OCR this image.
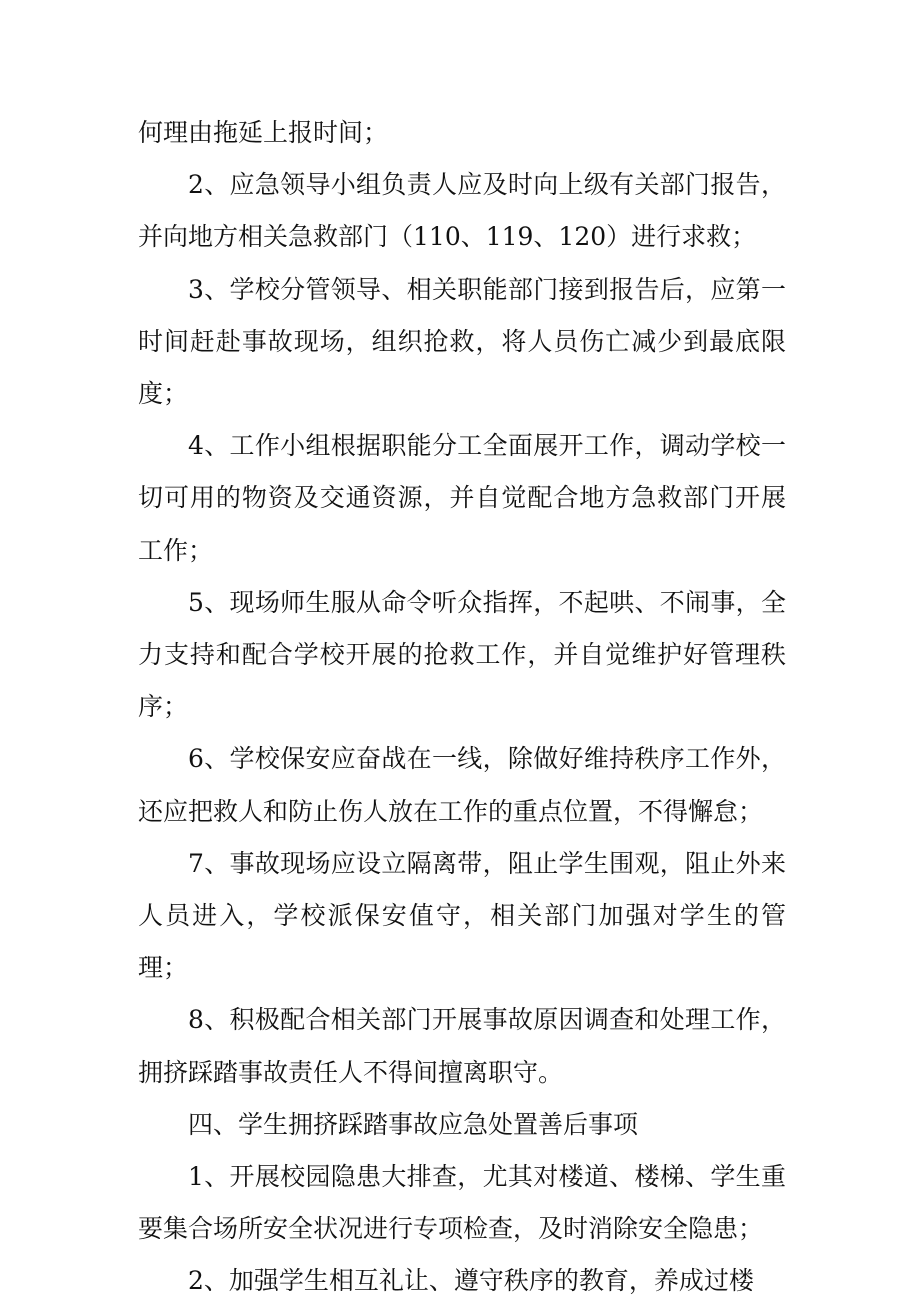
何理由拖延上报时间；

2、应急领导小组负责人应及时向上级有关部门报告，并向地方相关急救部门（110、119、120）进行求救；

3、学校分管领导、相关职能部门接到报告后，应第一时间赶赴事故现场，组织抢救，将人员伤亡减少到最底限度；

4、工作小组根据职能分工全面展开工作，调动学校一切可用的物资及交通资源，并自觉配合地方急救部门开展工作；

5、现场师生服从命令听众指挥，不起哄、不闹事，全力支持和配合学校开展的抢救工作，并自觉维护好管理秩序；

6、学校保安应奋战在一线，除做好维持秩序工作外，还应把救人和防止伤人放在工作的重点位置，不得懈怠；

7、事故现场应设立隔离带，阻止学生围观，阻止外来人员进入，学校派保安值守，相关部门加强对学生的管理；

8、积极配合相关部门开展事故原因调查和处理工作，拥挤踩踏事故责任人不得间擅离职守。

四、学生拥挤踩踏事故应急处置善后事项

1、开展校园隐患大排查，尤其对楼道、楼梯、学生重要集合场所安全状况进行专项检查，及时消除安全隐患；

2、加强学生相互礼让、遵守秩序的教育，养成过楼
